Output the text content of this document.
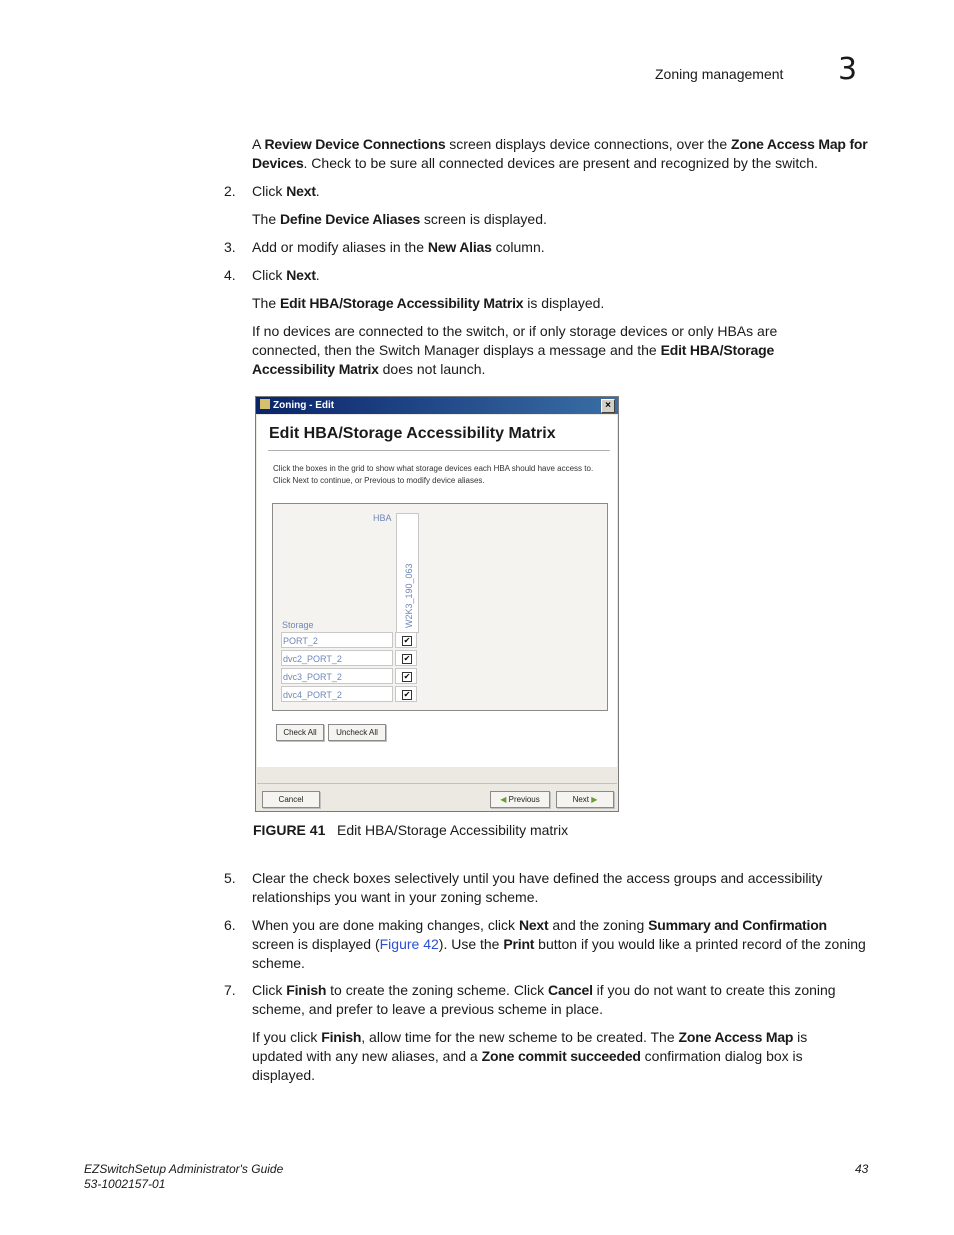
Zoning management 3
A Review Device Connections screen displays device connections, over the Zone Access Map for Devices. Check to be sure all connected devices are present and recognized by the switch.
2. Click Next.
The Define Device Aliases screen is displayed.
3. Add or modify aliases in the New Alias column.
4. Click Next.
The Edit HBA/Storage Accessibility Matrix is displayed.
If no devices are connected to the switch, or if only storage devices or only HBAs are connected, then the Switch Manager displays a message and the Edit HBA/Storage Accessibility Matrix does not launch.
Zoning - Edit	×
Edit HBA/Storage Accessibility Matrix
Click the boxes in the grid to show what storage devices each HBA should have access to.
Click Next to continue, or Previous to modify device aliases.
HBA
W2K3_190_063
Storage
PORT_2	✔
dvc2_PORT_2	✔
dvc3_PORT_2	✔
dvc4_PORT_2	✔
Check All	Uncheck All
Cancel	◀ Previous	Next ▶
FIGURE 41 Edit HBA/Storage Accessibility matrix
5. Clear the check boxes selectively until you have defined the access groups and accessibility relationships you want in your zoning scheme.
6. When you are done making changes, click Next and the zoning Summary and Confirmation screen is displayed (Figure 42). Use the Print button if you would like a printed record of the zoning scheme.
7. Click Finish to create the zoning scheme. Click Cancel if you do not want to create this zoning scheme, and prefer to leave a previous scheme in place.
If you click Finish, allow time for the new scheme to be created. The Zone Access Map is updated with any new aliases, and a Zone commit succeeded confirmation dialog box is displayed.
EZSwitchSetup Administrator's Guide
53-1002157-01
43
